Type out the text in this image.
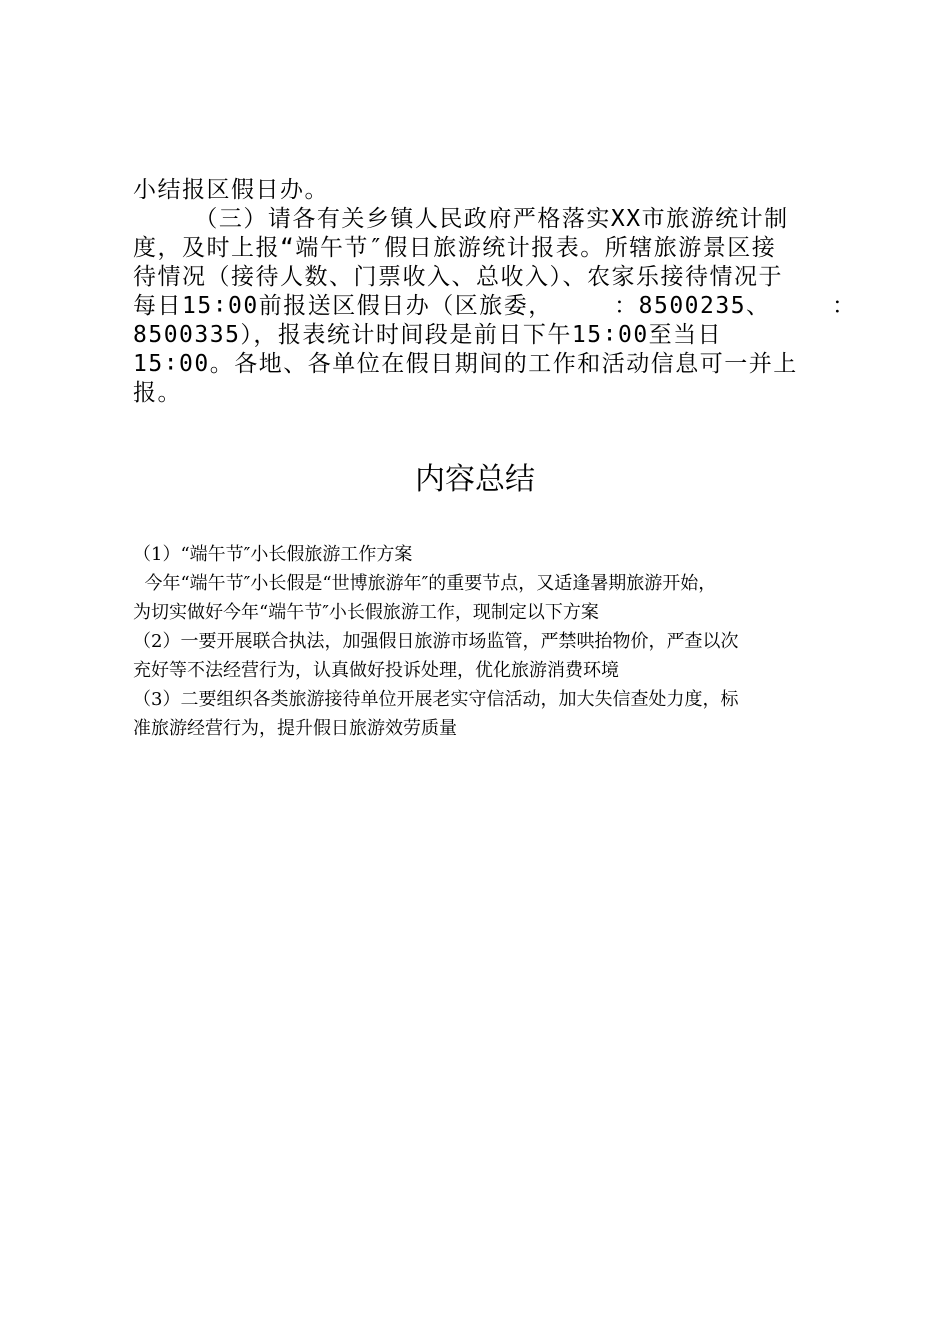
小结报区假日办。
（三）请各有关乡镇人民政府严格落实XX市旅游统计制
度，及时上报“端午节″假日旅游统计报表。所辖旅游景区接
待情况（接待人数、门票收入、总收入）、农家乐接待情况于
每日15∶00前报送区假日办（区旅委，    ：8500235、    ：
8500335），报表统计时间段是前日下午15∶00至当日
15∶00。各地、各单位在假日期间的工作和活动信息可一并上
报。
内容总结
（1）“端午节″小长假旅游工作方案
今年“端午节″小长假是“世博旅游年″的重要节点，又适逢暑期旅游开始，
为切实做好今年“端午节″小长假旅游工作，现制定以下方案
（2）一要开展联合执法，加强假日旅游市场监管，严禁哄抬物价，严查以次
充好等不法经营行为，认真做好投诉处理，优化旅游消费环境
（3）二要组织各类旅游接待单位开展老实守信活动，加大失信查处力度，标
准旅游经营行为，提升假日旅游效劳质量
